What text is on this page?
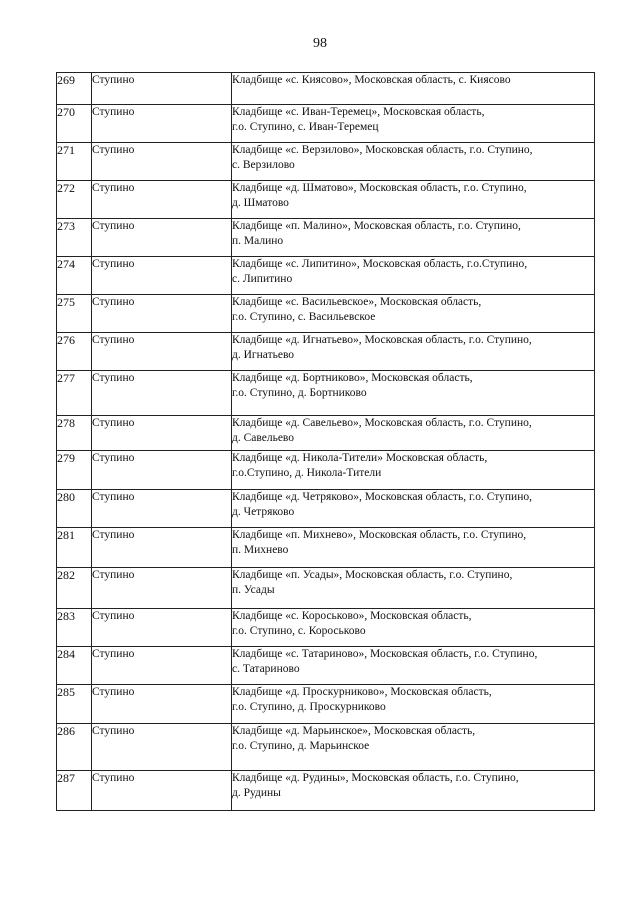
98
269	Ступино	Кладбище «с. Киясово», Московская область, с. Киясово

270	Ступино	Кладбище «с. Иван-Теремец», Московская область,
г.о. Ступино, с. Иван-Теремец

271	Ступино	Кладбище «с. Верзилово», Московская область, г.о. Ступино,
с. Верзилово

272	Ступино	Кладбище «д. Шматово», Московская область, г.о. Ступино,
д. Шматово

273	Ступино	Кладбище «п. Малино», Московская область, г.о. Ступино,
п. Малино

274	Ступино	Кладбище «с. Липитино», Московская область, г.о.Ступино,
с. Липитино

275	Ступино	Кладбище «с. Васильевское», Московская область,
г.о. Ступино, с. Васильевское

276	Ступино	Кладбище «д. Игнатьево», Московская область, г.о. Ступино,
д. Игнатьево

277	Ступино	Кладбище «д. Бортниково», Московская область,
г.о. Ступино, д. Бортниково

278	Ступино	Кладбище «д. Савельево», Московская область, г.о. Ступино,
д. Савельево

279	Ступино	Кладбище «д. Никола-Тители» Московская область,
г.о.Ступино, д. Никола-Тители

280	Ступино	Кладбище «д. Четряково», Московская область, г.о. Ступино,
д. Четряково

281	Ступино	Кладбище «п. Михнево», Московская область, г.о. Ступино,
п. Михнево

282	Ступино	Кладбище «п. Усады», Московская область, г.о. Ступино,
п. Усады

283	Ступино	Кладбище «с. Короськово», Московская область,
г.о. Ступино, с. Короськово

284	Ступино	Кладбище «с. Татариново», Московская область, г.о. Ступино,
с. Татариново

285	Ступино	Кладбище «д. Проскурниково», Московская область,
г.о. Ступино, д. Проскурниково

286	Ступино	Кладбище «д. Марьинское», Московская область,
г.о. Ступино, д. Марьинское

287	Ступино	Кладбище «д. Рудины», Московская область, г.о. Ступино,
д. Рудины
